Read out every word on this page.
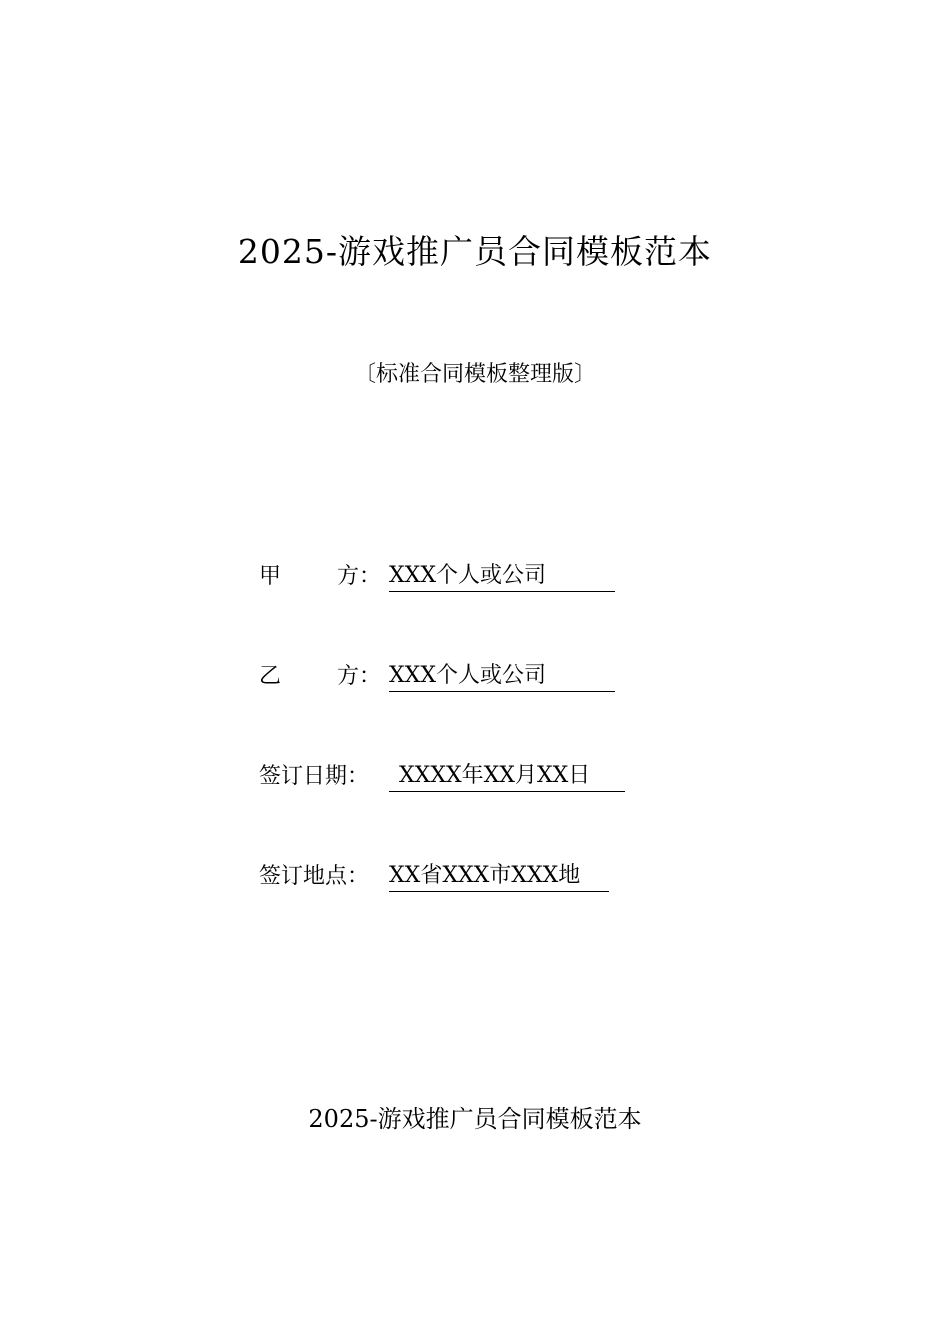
2025-游戏推广员合同模板范本
〔标准合同模板整理版〕
甲	方： XXX个人或公司
乙	方： XXX个人或公司
签订日期：	XXXX年XX月XX日
签订地点： XX省XXX市XXX地
2025-游戏推广员合同模板范本
